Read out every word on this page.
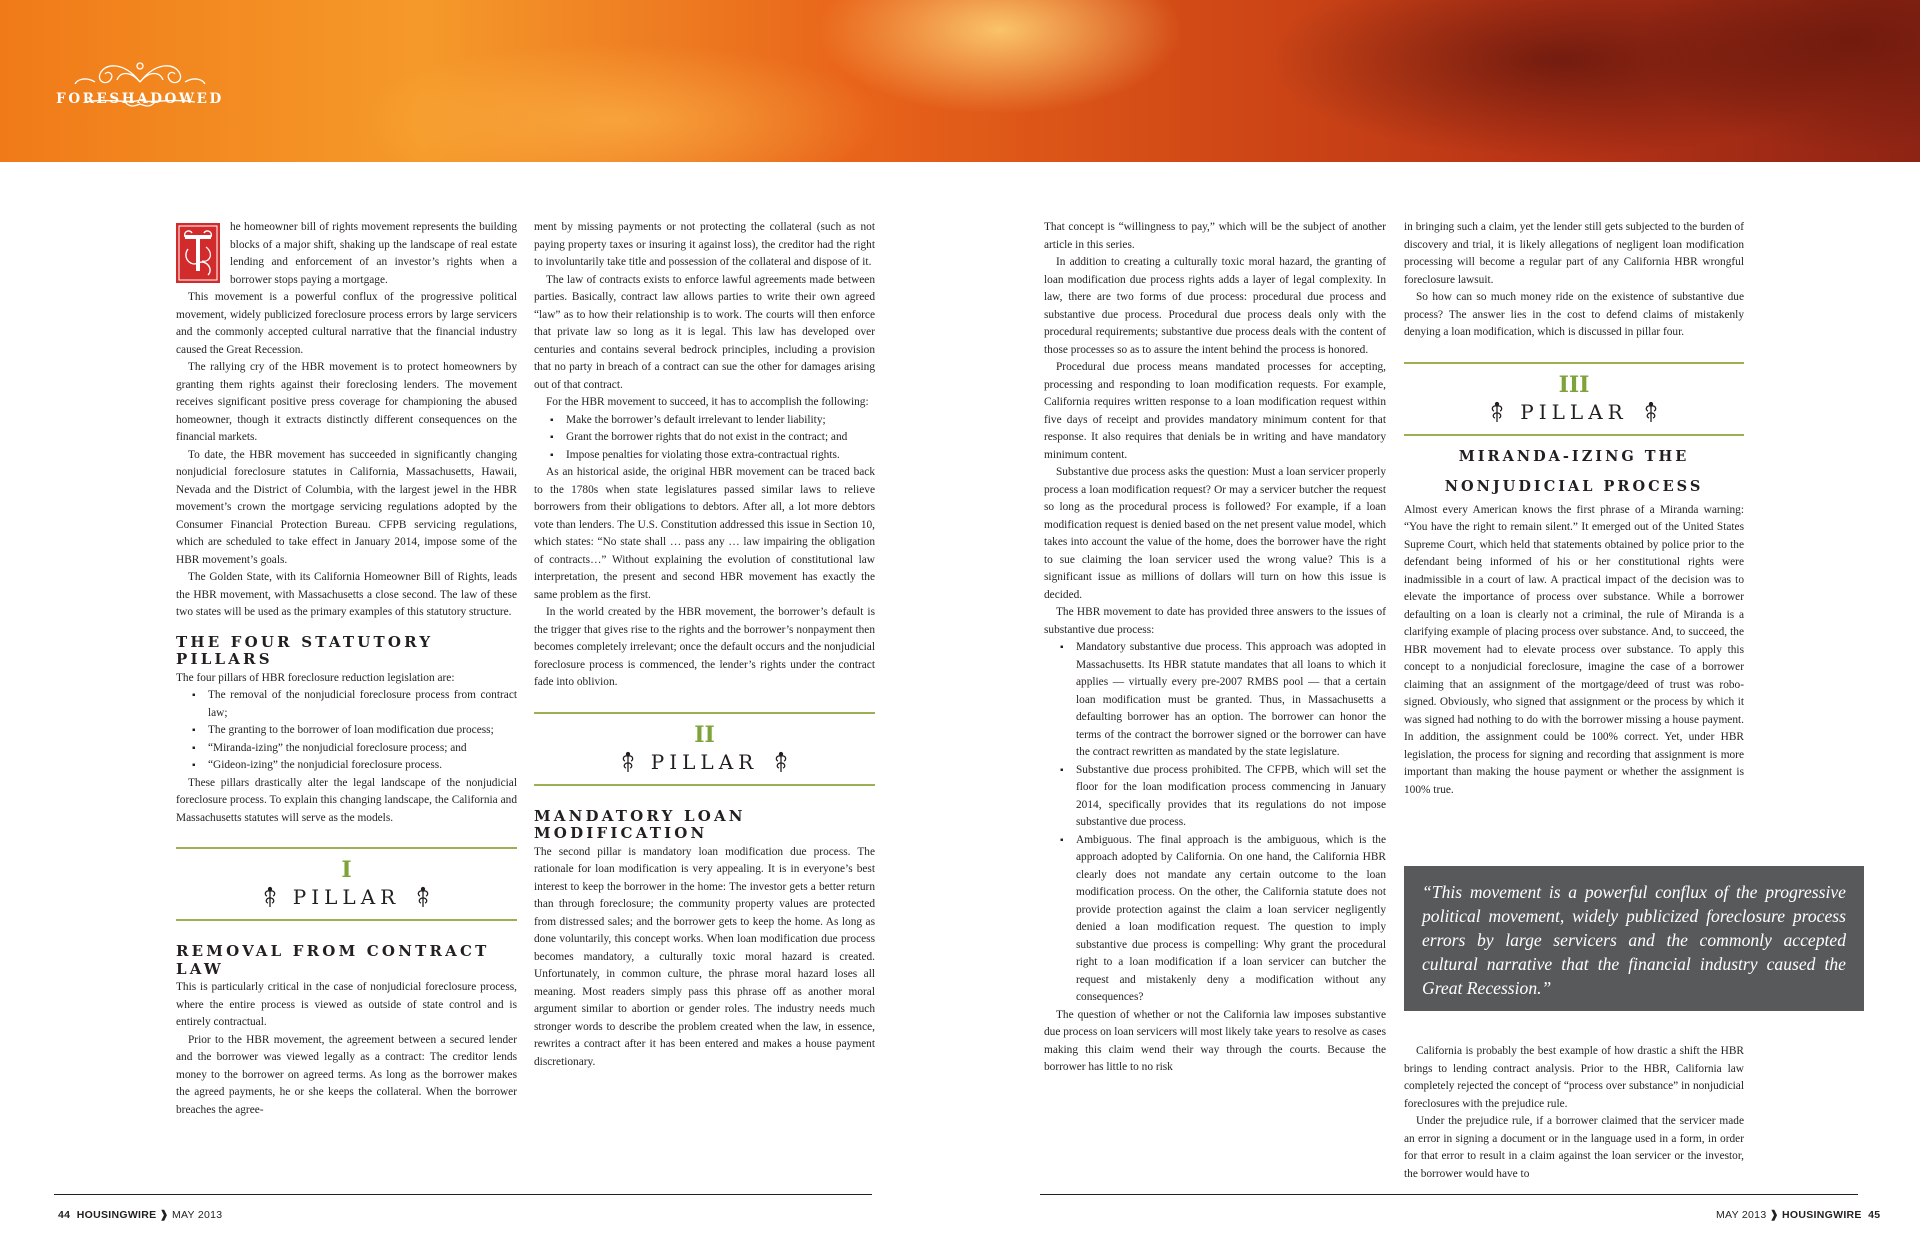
FORESHADOWED

he homeowner bill of rights movement represents the building blocks of a major shift, shaking up the landscape of real estate lending and enforcement of an investor’s rights when a borrower stops paying a mortgage.

This movement is a powerful conflux of the progressive political movement, widely publicized foreclosure process errors by large servicers and the commonly accepted cultural narrative that the financial industry caused the Great Recession.

The rallying cry of the HBR movement is to protect homeowners by granting them rights against their foreclosing lenders. The movement receives significant positive press coverage for championing the abused homeowner, though it extracts distinctly different consequences on the financial markets.

To date, the HBR movement has succeeded in significantly changing nonjudicial foreclosure statutes in California, Massachusetts, Hawaii, Nevada and the District of Columbia, with the largest jewel in the HBR movement’s crown the mortgage servicing regulations adopted by the Consumer Financial Protection Bureau. CFPB servicing regulations, which are scheduled to take effect in January 2014, impose some of the HBR movement’s goals.

The Golden State, with its California Homeowner Bill of Rights, leads the HBR movement, with Massachusetts a close second. The law of these two states will be used as the primary examples of this statutory structure.

THE FOUR STATUTORY PILLARS

The four pillars of HBR foreclosure reduction legislation are:

▪ The removal of the nonjudicial foreclosure process from contract law;
▪ The granting to the borrower of loan modification due process;
▪ “Miranda-izing” the nonjudicial foreclosure process; and
▪ “Gideon-izing” the nonjudicial foreclosure process.

These pillars drastically alter the legal landscape of the nonjudicial foreclosure process. To explain this changing landscape, the California and Massachusetts statutes will serve as the models.

I
PILLAR
REMOVAL FROM CONTRACT LAW

This is particularly critical in the case of nonjudicial foreclosure process, where the entire process is viewed as outside of state control and is entirely contractual.

Prior to the HBR movement, the agreement between a secured lender and the borrower was viewed legally as a contract: The creditor lends money to the borrower on agreed terms. As long as the borrower makes the agreed payments, he or she keeps the collateral. When the borrower breaches the agree-

ment by missing payments or not protecting the collateral (such as not paying property taxes or insuring it against loss), the creditor had the right to involuntarily take title and possession of the collateral and dispose of it.

The law of contracts exists to enforce lawful agreements made between parties. Basically, contract law allows parties to write their own agreed “law” as to how their relationship is to work. The courts will then enforce that private law so long as it is legal. This law has developed over centuries and contains several bedrock principles, including a provision that no party in breach of a contract can sue the other for damages arising out of that contract.

For the HBR movement to succeed, it has to accomplish the following:

▪ Make the borrower’s default irrelevant to lender liability;
▪ Grant the borrower rights that do not exist in the contract; and
▪ Impose penalties for violating those extra-contractual rights.

As an historical aside, the original HBR movement can be traced back to the 1780s when state legislatures passed similar laws to relieve borrowers from their obligations to debtors. After all, a lot more debtors vote than lenders. The U.S. Constitution addressed this issue in Section 10, which states: “No state shall … pass any … law impairing the obligation of contracts…” Without explaining the evolution of constitutional law interpretation, the present and second HBR movement has exactly the same problem as the first.

In the world created by the HBR movement, the borrower’s default is the trigger that gives rise to the rights and the borrower’s nonpayment then becomes completely irrelevant; once the default occurs and the nonjudicial foreclosure process is commenced, the lender’s rights under the contract fade into oblivion.

II
PILLAR
MANDATORY LOAN MODIFICATION

The second pillar is mandatory loan modification due process. The rationale for loan modification is very appealing. It is in everyone’s best interest to keep the borrower in the home: The investor gets a better return than through foreclosure; the community property values are protected from distressed sales; and the borrower gets to keep the home. As long as done voluntarily, this concept works. When loan modification due process becomes mandatory, a culturally toxic moral hazard is created. Unfortunately, in common culture, the phrase moral hazard loses all meaning. Most readers simply pass this phrase off as another moral argument similar to abortion or gender roles. The industry needs much stronger words to describe the problem created when the law, in essence, rewrites a contract after it has been entered and makes a house payment discretionary.

44 HOUSINGWIRE ❱ MAY 2013

That concept is “willingness to pay,” which will be the subject of another article in this series.

In addition to creating a culturally toxic moral hazard, the granting of loan modification due process rights adds a layer of legal complexity. In law, there are two forms of due process: procedural due process and substantive due process. Procedural due process deals only with the procedural requirements; substantive due process deals with the content of those processes so as to assure the intent behind the process is honored.

Procedural due process means mandated processes for accepting, processing and responding to loan modification requests. For example, California requires written response to a loan modification request within five days of receipt and provides mandatory minimum content for that response. It also requires that denials be in writing and have mandatory minimum content.

Substantive due process asks the question: Must a loan servicer properly process a loan modification request? Or may a servicer butcher the request so long as the procedural process is followed? For example, if a loan modification request is denied based on the net present value model, which takes into account the value of the home, does the borrower have the right to sue claiming the loan servicer used the wrong value? This is a significant issue as millions of dollars will turn on how this issue is decided.

The HBR movement to date has provided three answers to the issues of substantive due process:

▪ Mandatory substantive due process. This approach was adopted in Massachusetts. Its HBR statute mandates that all loans to which it applies — virtually every pre-2007 RMBS pool — that a certain loan modification must be granted. Thus, in Massachusetts a defaulting borrower has an option. The borrower can honor the terms of the contract the borrower signed or the borrower can have the contract rewritten as mandated by the state legislature.
▪ Substantive due process prohibited. The CFPB, which will set the floor for the loan modification process commencing in January 2014, specifically provides that its regulations do not impose substantive due process.
▪ Ambiguous. The final approach is the ambiguous, which is the approach adopted by California. On one hand, the California HBR clearly does not mandate any certain outcome to the loan modification process. On the other, the California statute does not provide protection against the claim a loan servicer negligently denied a loan modification request. The question to imply substantive due process is compelling: Why grant the procedural right to a loan modification if a loan servicer can butcher the request and mistakenly deny a modification without any consequences?

The question of whether or not the California law imposes substantive due process on loan servicers will most likely take years to resolve as cases making this claim wend their way through the courts. Because the borrower has little to no risk

in bringing such a claim, yet the lender still gets subjected to the burden of discovery and trial, it is likely allegations of negligent loan modification processing will become a regular part of any California HBR wrongful foreclosure lawsuit.

So how can so much money ride on the existence of substantive due process? The answer lies in the cost to defend claims of mistakenly denying a loan modification, which is discussed in pillar four.

III
PILLAR
MIRANDA-IZING THE
NONJUDICIAL PROCESS

Almost every American knows the first phrase of a Miranda warning: “You have the right to remain silent.” It emerged out of the United States Supreme Court, which held that statements obtained by police prior to the defendant being informed of his or her constitutional rights were inadmissible in a court of law. A practical impact of the decision was to elevate the importance of process over substance. While a borrower defaulting on a loan is clearly not a criminal, the rule of Miranda is a clarifying example of placing process over substance. And, to succeed, the HBR movement had to elevate process over substance. To apply this concept to a nonjudicial foreclosure, imagine the case of a borrower claiming that an assignment of the mortgage/deed of trust was robo-signed. Obviously, who signed that assignment or the process by which it was signed had nothing to do with the borrower missing a house payment. In addition, the assignment could be 100% correct. Yet, under HBR legislation, the process for signing and recording that assignment is more important than making the house payment or whether the assignment is 100% true.

“This movement is a powerful conflux of the progressive political movement, widely publicized foreclosure process errors by large servicers and the commonly accepted cultural narrative that the financial industry caused the Great Recession.”

California is probably the best example of how drastic a shift the HBR brings to lending contract analysis. Prior to the HBR, California law completely rejected the concept of “process over substance” in nonjudicial foreclosures with the prejudice rule.

Under the prejudice rule, if a borrower claimed that the servicer made an error in signing a document or in the language used in a form, in order for that error to result in a claim against the loan servicer or the investor, the borrower would have to

MAY 2013 ❱ HOUSINGWIRE 45
